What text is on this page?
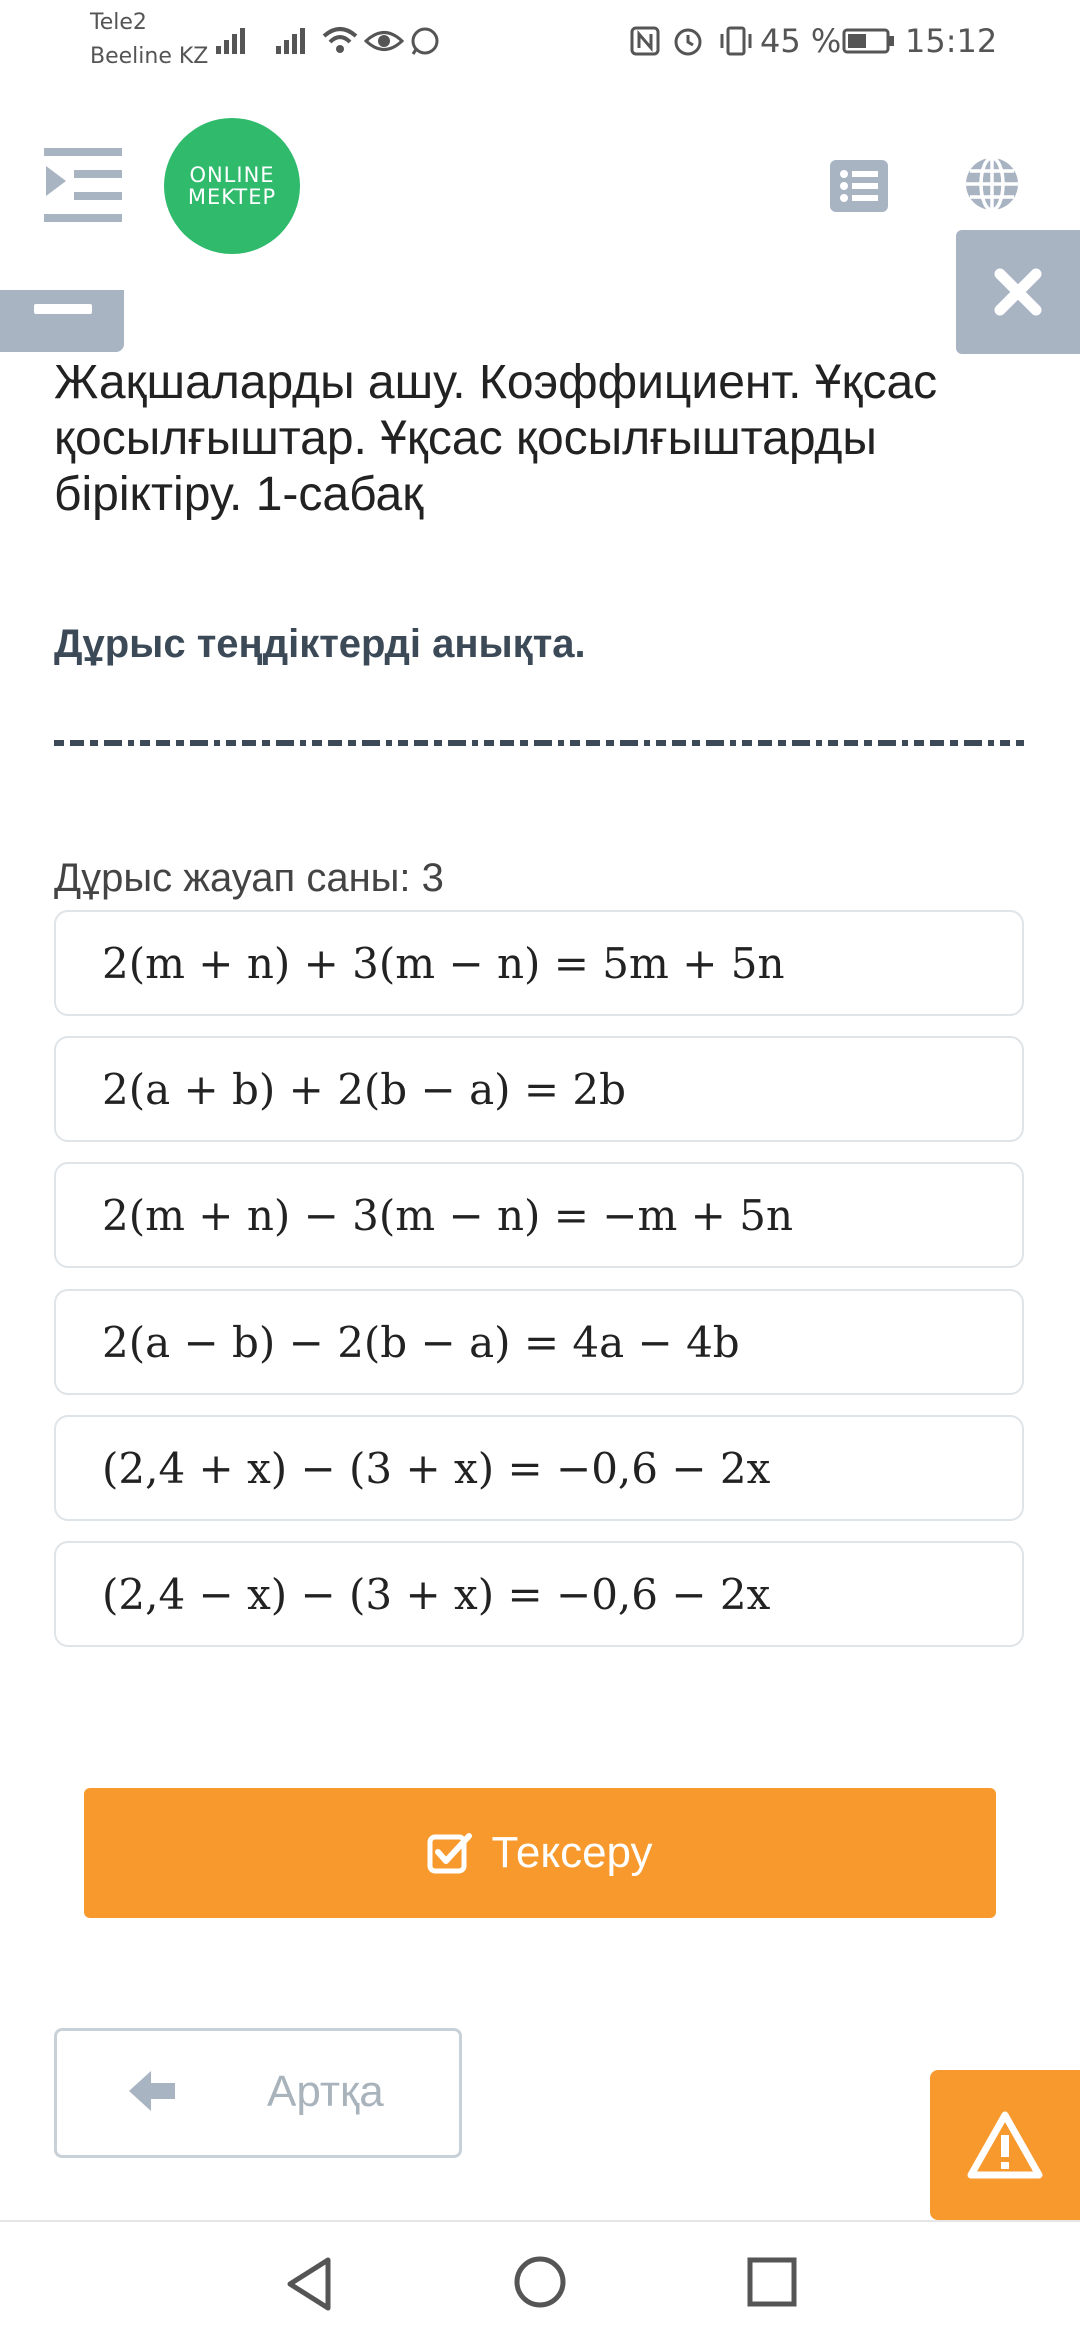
Tele2
Beeline KZ	45 % 15:12
ONLINE
MEKTEP
Жақшаларды ашу. Коэффициент. Ұқсас қосылғыштар. Ұқсас қосылғыштарды біріктіру. 1-сабақ
Дұрыс теңдіктерді анықта.
Дұрыс жауап саны: 3
2(m + n) + 3(m − n) = 5m + 5n
2(a + b) + 2(b − a) = 2b
2(m + n) − 3(m − n) = −m + 5n
2(a − b) − 2(b − a) = 4a − 4b
(2,4 + x) − (3 + x) = −0,6 − 2x
(2,4 − x) − (3 + x) = −0,6 − 2x
Тексеру
Артқа
